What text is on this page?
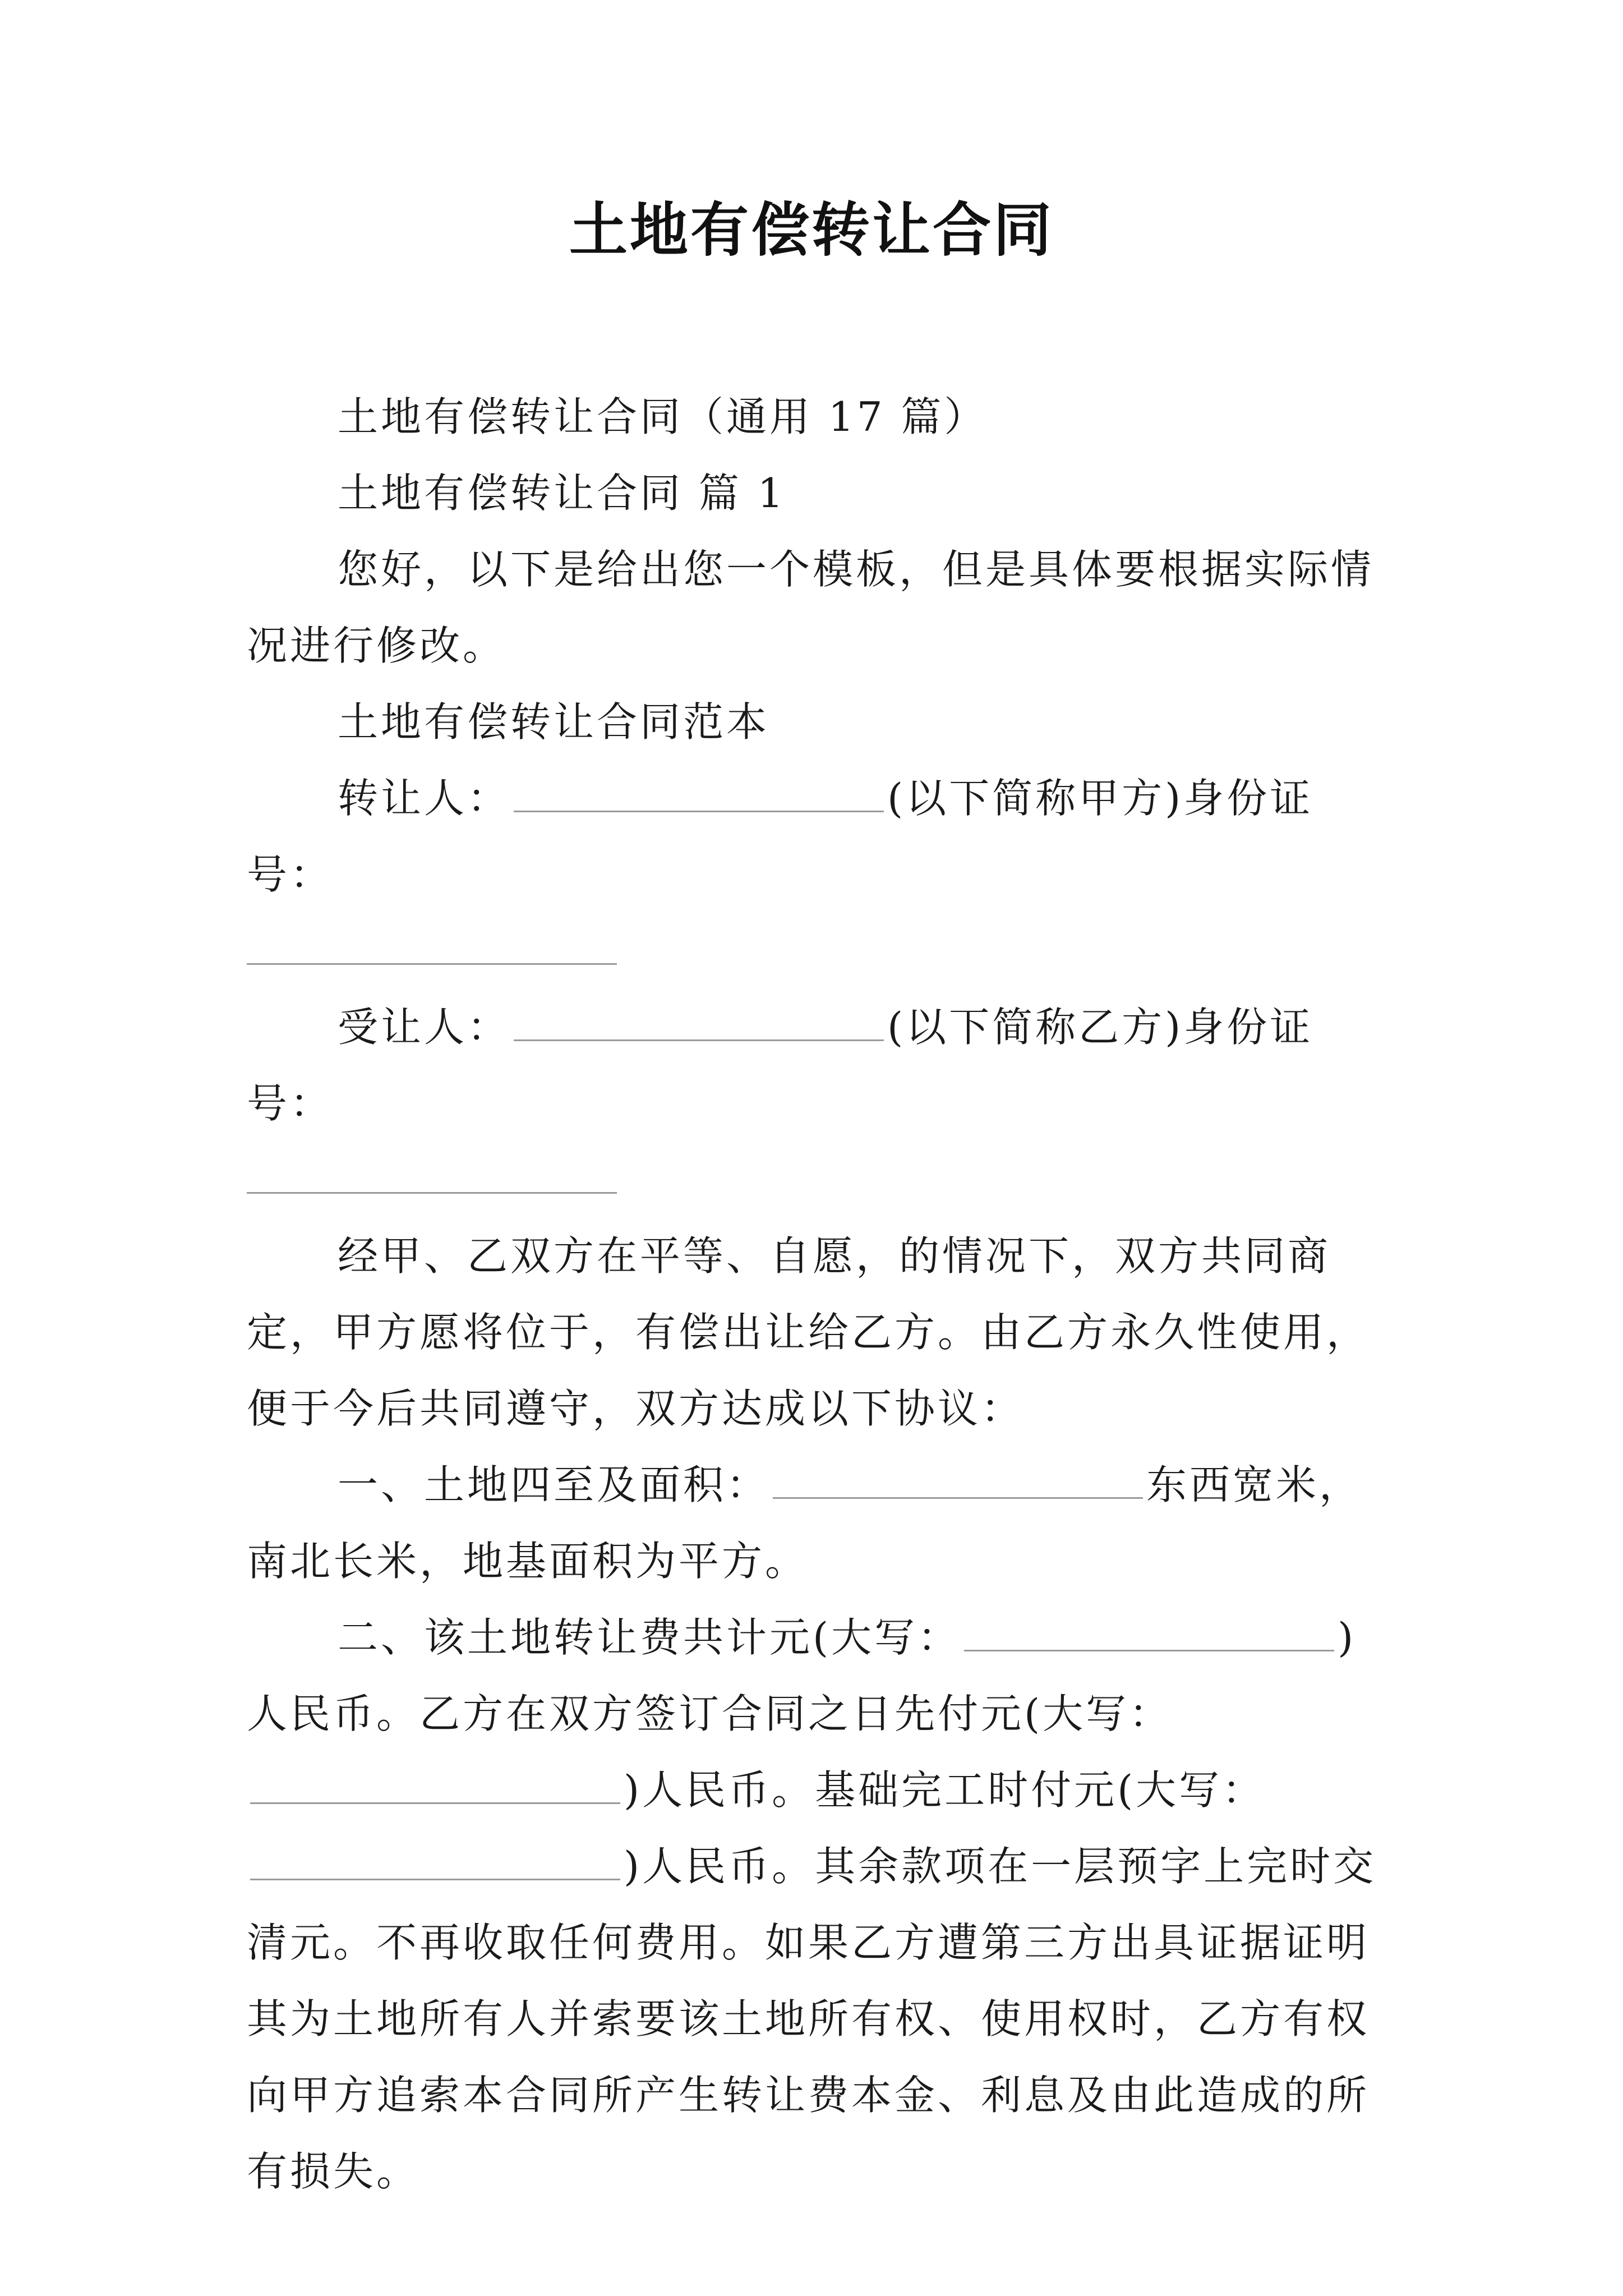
土地有偿转让合同

土地有偿转让合同（通用 17 篇）

土地有偿转让合同 篇 1

您好，以下是给出您一个模板，但是具体要根据实际情况进行修改。

土地有偿转让合同范本

转让人：	(以下简称甲方)身份证号：

受让人：	(以下简称乙方)身份证号：

经甲、乙双方在平等、自愿，的情况下，双方共同商定，甲方愿将位于，有偿出让给乙方。由乙方永久性使用，便于今后共同遵守，双方达成以下协议：

一、土地四至及面积：	东西宽米，南北长米，地基面积为平方。

二、该土地转让费共计元(大写：	)人民币。乙方在双方签订合同之日先付元(大写：)人民币。基础完工时付元(大写：)人民币。其余款项在一层预字上完时交清元。不再收取任何费用。如果乙方遭第三方出具证据证明其为土地所有人并索要该土地所有权、使用权时，乙方有权向甲方追索本合同所产生转让费本金、利息及由此造成的所有损失。
